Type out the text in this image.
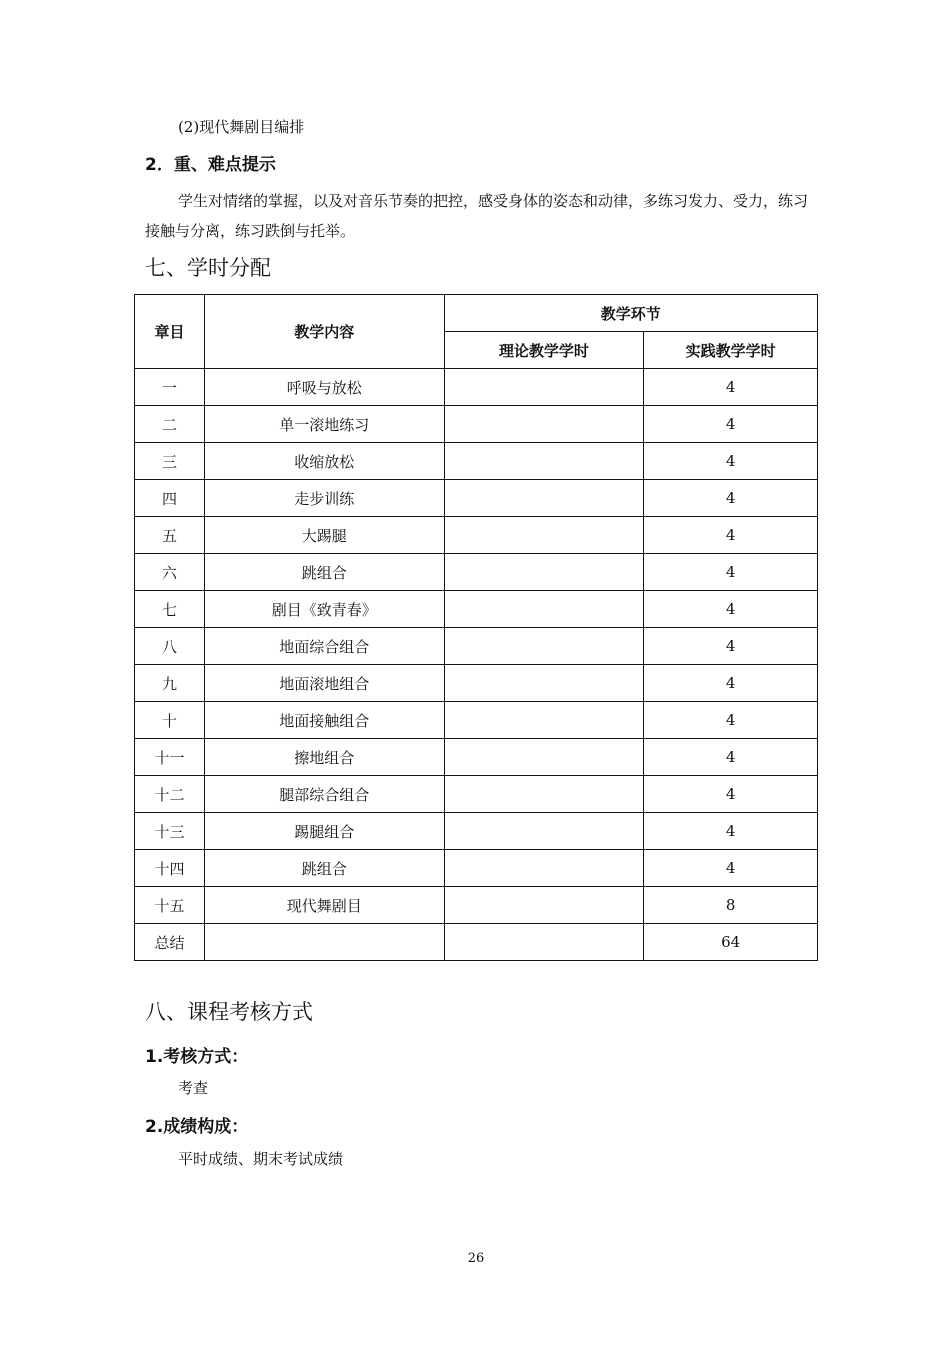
(2)现代舞剧目编排
2．重、难点提示
学生对情绪的掌握，以及对音乐节奏的把控，感受身体的姿态和动律，多练习发力、受力，练习接触与分离，练习跌倒与托举。
七、学时分配
章目	教学内容	教学环节	
		理论教学学时	实践教学学时
一	呼吸与放松		4
二	单一滚地练习		4
三	收缩放松		4
四	走步训练		4
五	大踢腿		4
六	跳组合		4
七	剧目《致青春》		4
八	地面综合组合		4
九	地面滚地组合		4
十	地面接触组合		4
十一	擦地组合		4
十二	腿部综合组合		4
十三	踢腿组合		4
十四	跳组合		4
十五	现代舞剧目		8
总结			64
八、课程考核方式
1.考核方式：
考查
2.成绩构成：
平时成绩、期末考试成绩
26
